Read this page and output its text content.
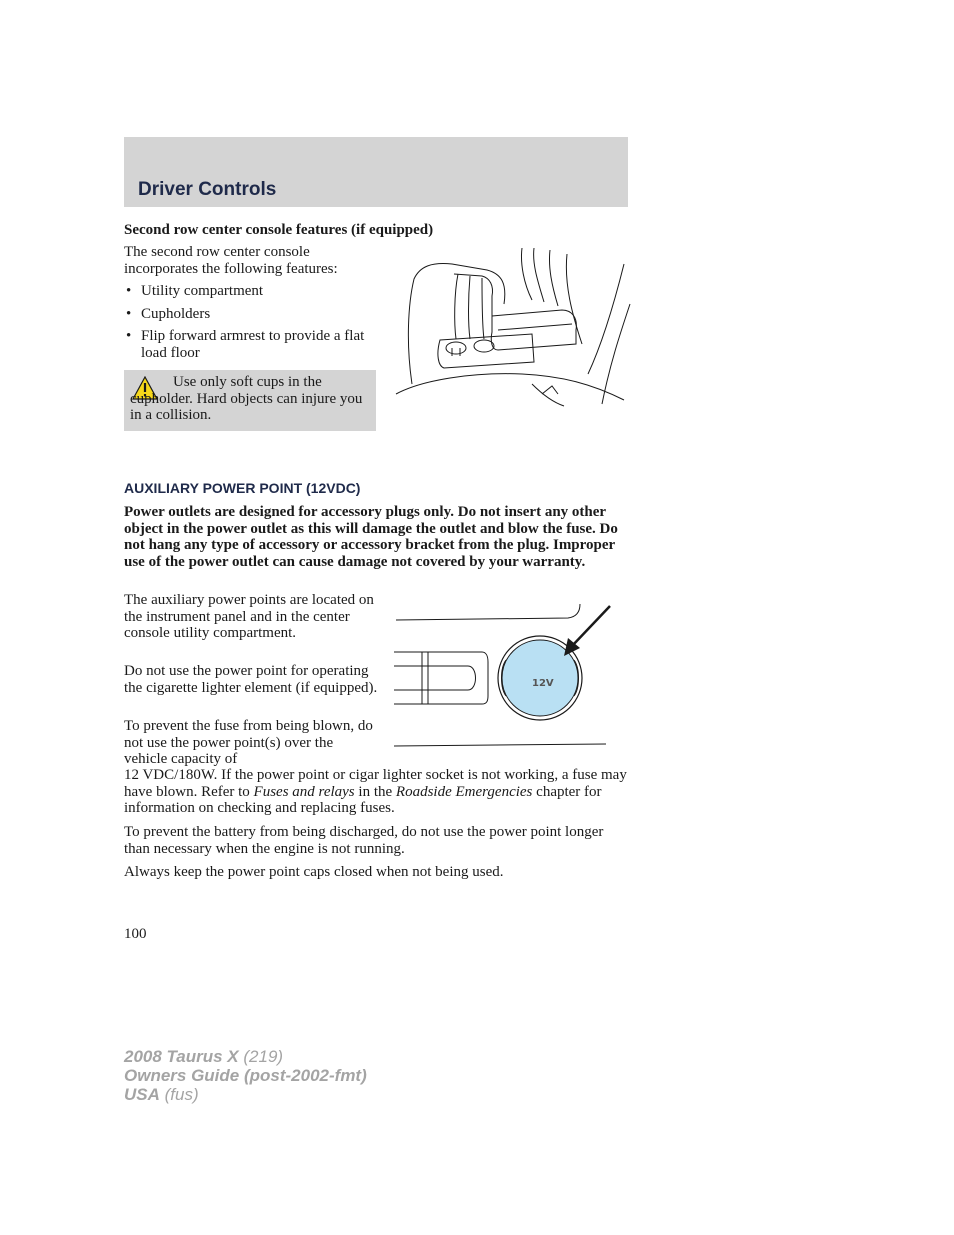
Driver Controls
Second row center console features (if equipped)
The second row center console incorporates the following features:
• Utility compartment
• Cupholders
• Flip forward armrest to provide a flat load floor
Use only soft cups in the cupholder. Hard objects can injure you in a collision.
AUXILIARY POWER POINT (12VDC)
Power outlets are designed for accessory plugs only. Do not insert any other object in the power outlet as this will damage the outlet and blow the fuse. Do not hang any type of accessory or accessory bracket from the plug. Improper use of the power outlet can cause damage not covered by your warranty.
The auxiliary power points are located on the instrument panel and in the center console utility compartment.
Do not use the power point for operating the cigarette lighter element (if equipped).
To prevent the fuse from being blown, do not use the power point(s) over the vehicle capacity of
12 VDC/180W. If the power point or cigar lighter socket is not working, a fuse may have blown. Refer to Fuses and relays in the Roadside Emergencies chapter for information on checking and replacing fuses.
To prevent the battery from being discharged, do not use the power point longer than necessary when the engine is not running.
Always keep the power point caps closed when not being used.
12V
100
2008 Taurus X (219)
Owners Guide (post-2002-fmt)
USA (fus)
